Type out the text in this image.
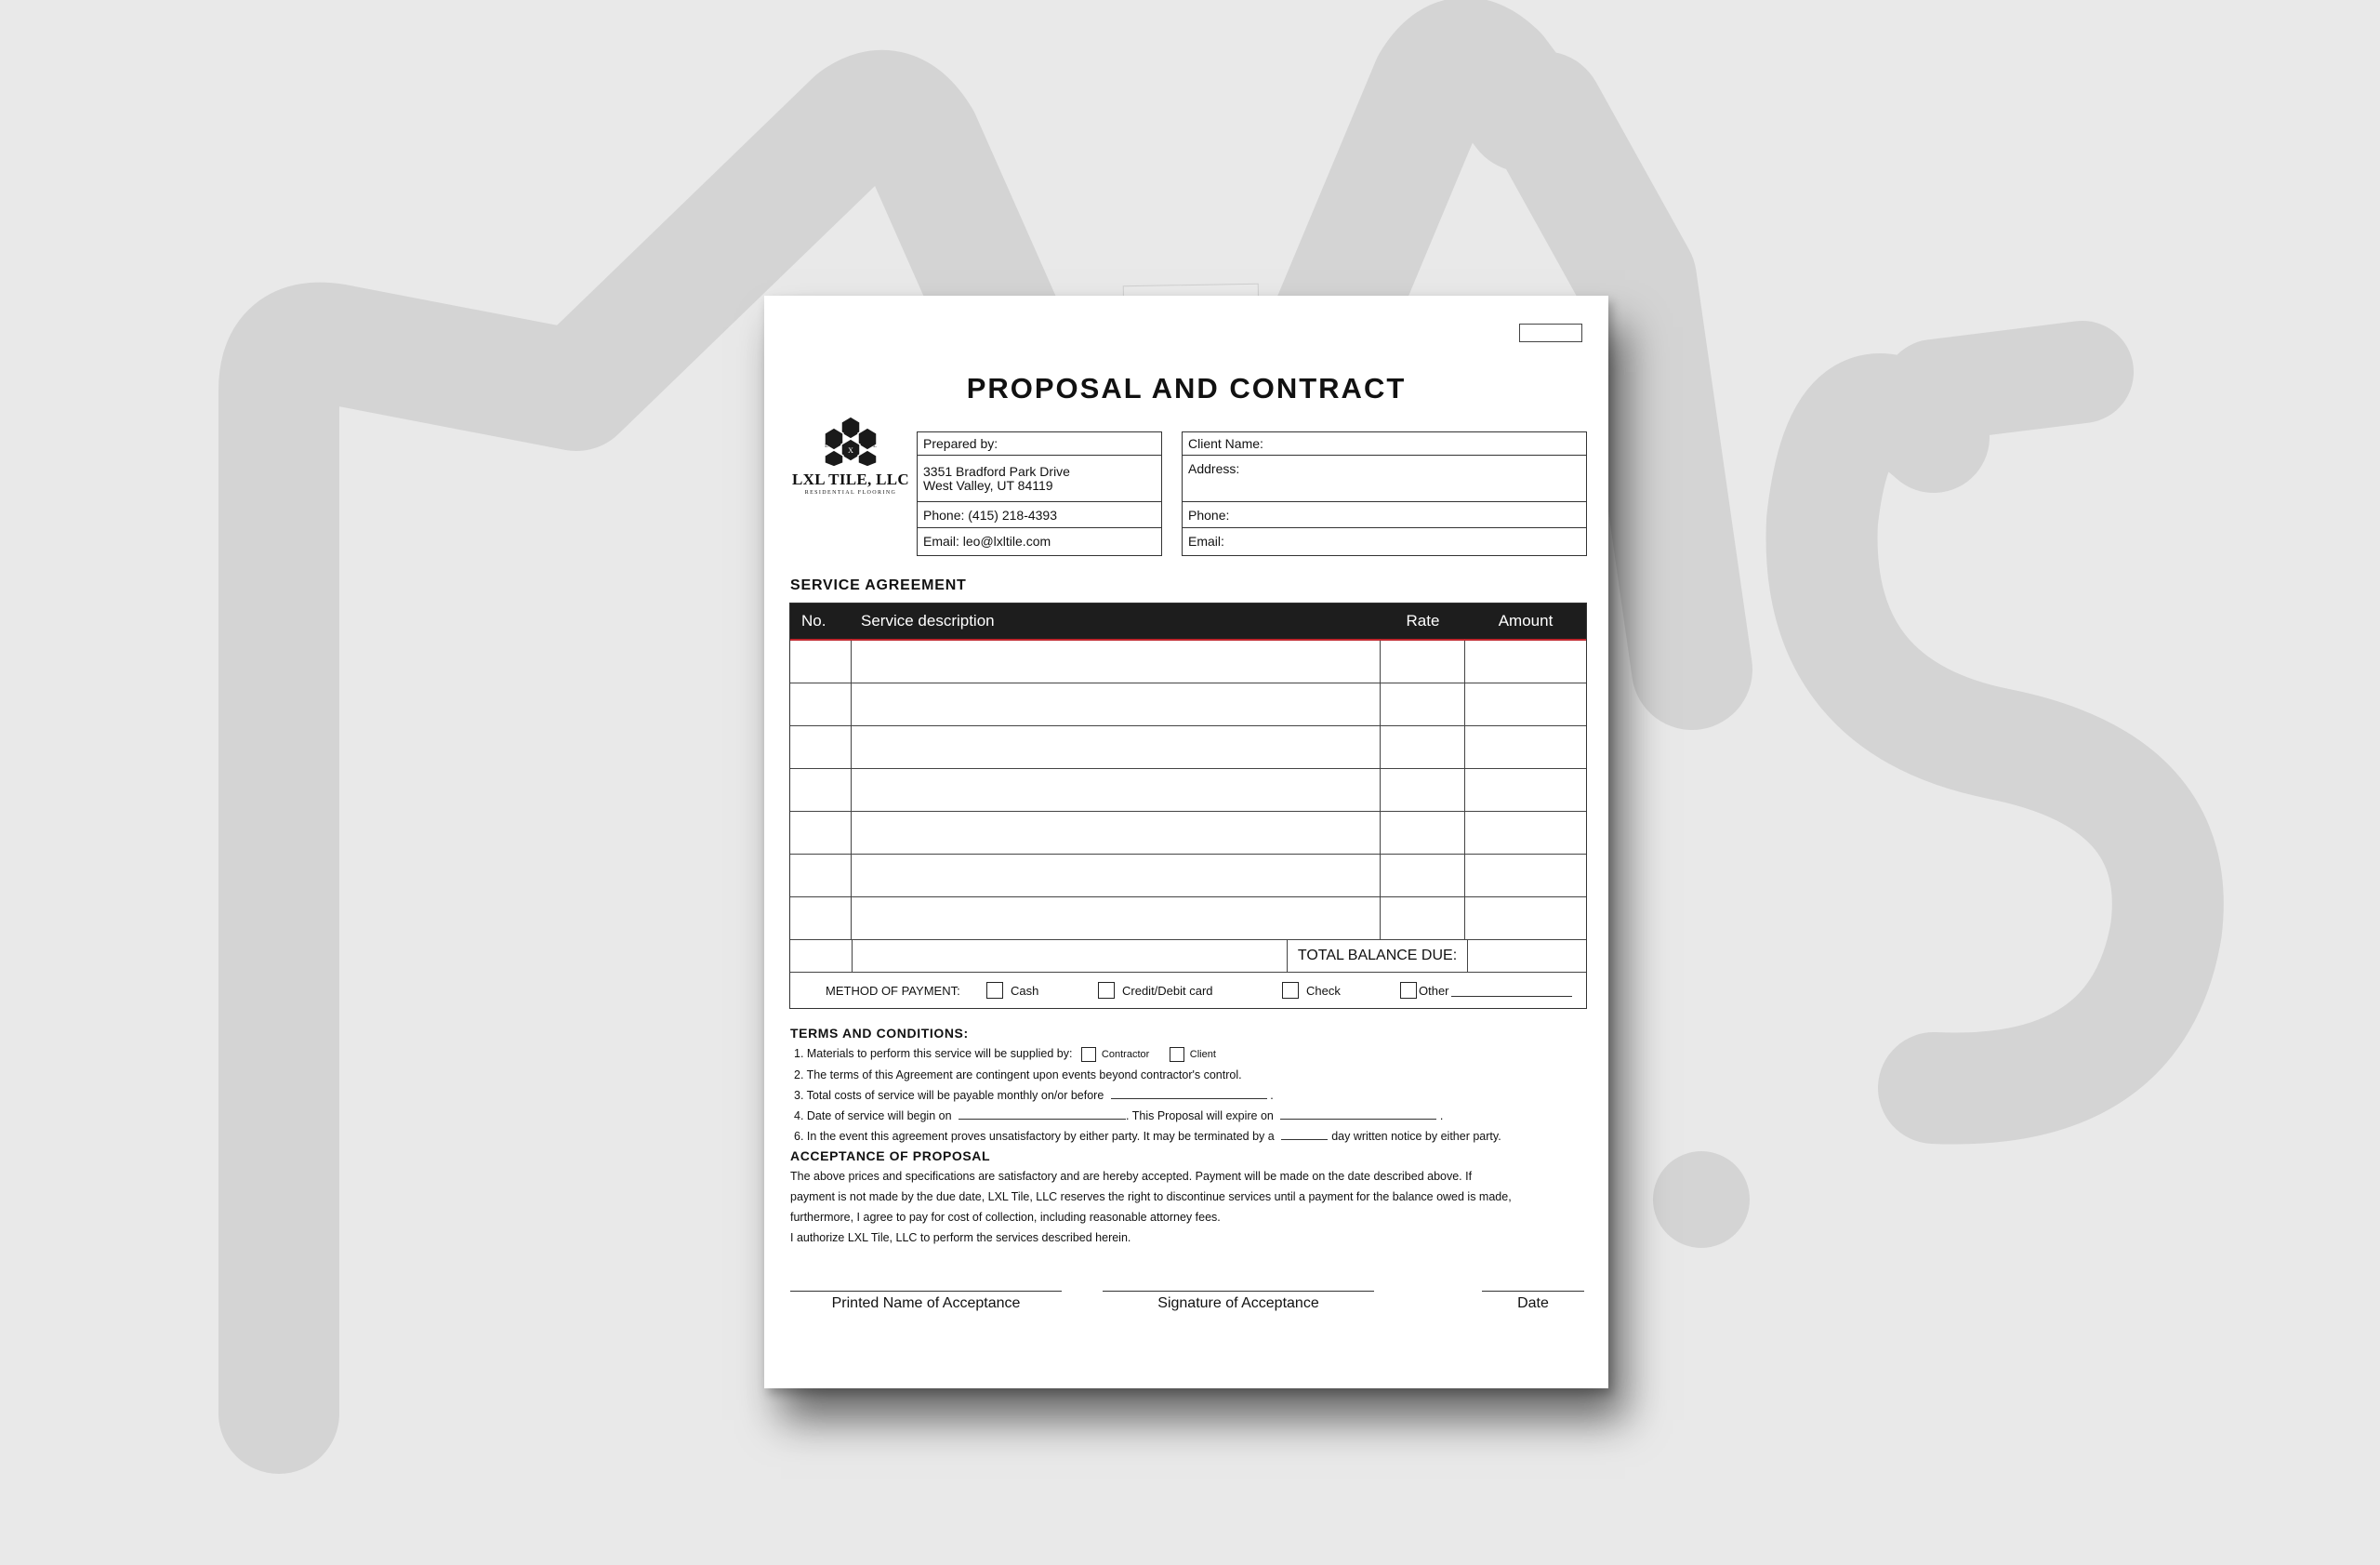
PROPOSAL AND CONTRACT
X
L	L
LXL TILE, LLC
RESIDENTIAL FLOORING
Prepared by:
3351 Bradford Park Drive
West Valley, UT 84119
Phone: (415) 218-4393
Email: leo@lxltile.com
Client Name:
Address:
Phone:
Email:
SERVICE AGREEMENT
No.	Service description	Rate	Amount
TOTAL BALANCE DUE:
METHOD OF PAYMENT:	Cash	Credit/Debit card	Check	Other
TERMS AND CONDITIONS:
1. Materials to perform this service will be supplied by:	Contractor	Client
2. The terms of this Agreement are contingent upon events beyond contractor's control.
3. Total costs of service will be payable monthly on/or before	.
4. Date of service will begin on	. This Proposal will expire on	.
6. In the event this agreement proves unsatisfactory by either party. It may be terminated by a	day written notice by either party.
ACCEPTANCE OF PROPOSAL
The above prices and specifications are satisfactory and are hereby accepted. Payment will be made on the date described above. If
payment is not made by the due date, LXL Tile, LLC reserves the right to discontinue services until a payment for the balance owed is made,
furthermore, I agree to pay for cost of collection, including reasonable attorney fees.
I authorize LXL Tile, LLC to perform the services described herein.
Printed Name of Acceptance	Signature of Acceptance	Date
